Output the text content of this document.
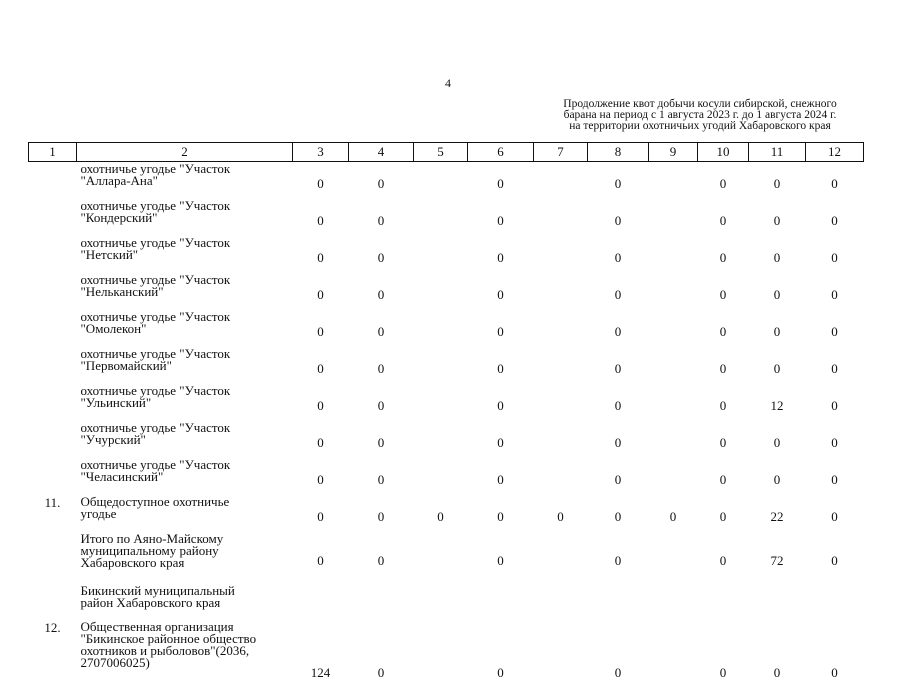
4
Продолжение квот добычи косули сибирской, снежного
барана на период с 1 августа 2023 г. до 1 августа 2024 г.
на территории охотничьих угодий Хабаровского края
1	2	3	4	5	6	7	8	9	10	11	12

	охотничье угодье "Участок
"Аллара-Ана"	0	0		0		0		0	0	0

	охотничье угодье "Участок
"Кондерский"	0	0		0		0		0	0	0

	охотничье угодье "Участок
"Нетский"	0	0		0		0		0	0	0

	охотничье угодье "Участок
"Нельканский"	0	0		0		0		0	0	0

	охотничье угодье "Участок
"Омолекон"	0	0		0		0		0	0	0

	охотничье угодье "Участок
"Первомайский"	0	0		0		0		0	0	0

	охотничье угодье "Участок
"Ульинский"	0	0		0		0		0	12	0

	охотничье угодье "Участок
"Учурский"	0	0		0		0		0	0	0

	охотничье угодье "Участок
"Челасинский"	0	0		0		0		0	0	0
11.	Общедоступное охотничье
угодье	0	0	0	0	0	0	0	0	22	0

	Итого по Аяно-Майскому
муниципальному району
Хабаровского края	0	0		0		0		0	72	0

	Бикинский муниципальный
район Хабаровского края										

12.	Общественная организация
"Бикинское районное общество
охотников и рыболовов"(2036,
2707006025)	124	0		0		0		0	0	0
